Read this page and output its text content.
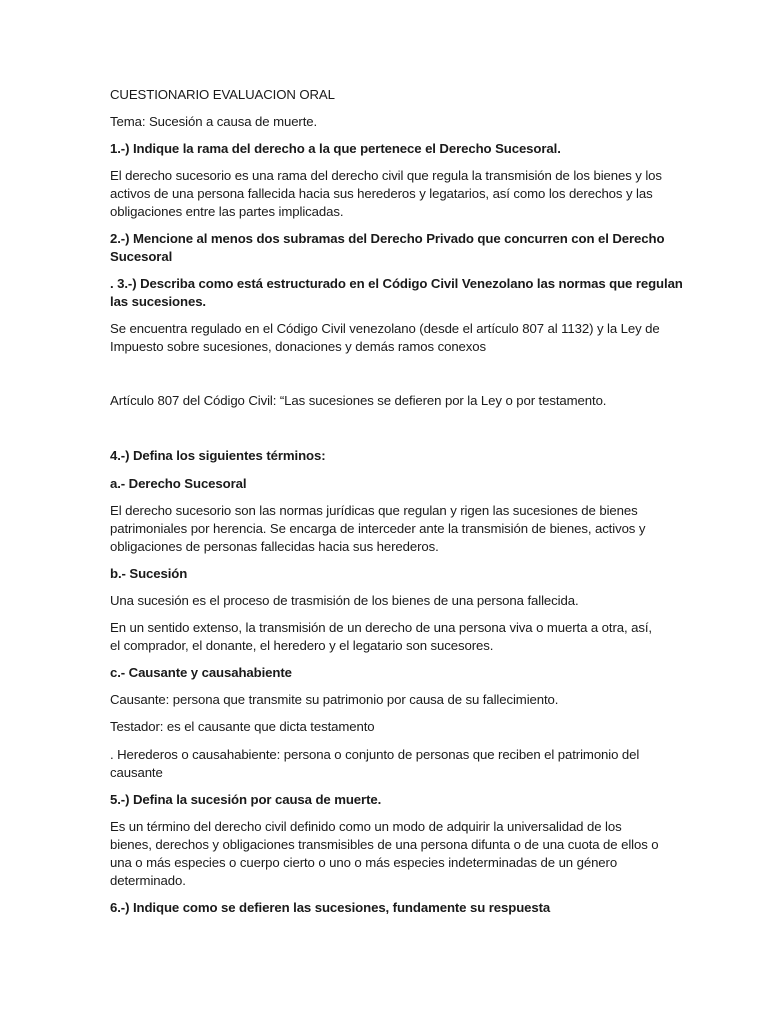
CUESTIONARIO EVALUACION ORAL
Tema: Sucesión a causa de muerte.
1.-) Indique la rama del derecho a la que pertenece el Derecho Sucesoral.
El derecho sucesorio es una rama del derecho civil que regula la transmisión de los bienes y los
activos de una persona fallecida hacia sus herederos y legatarios, así como los derechos y las
obligaciones entre las partes implicadas.
2.-) Mencione al menos dos subramas del Derecho Privado que concurren con el Derecho
Sucesoral
. 3.-) Describa como está estructurado en el Código Civil Venezolano las normas que regulan
las sucesiones.
Se encuentra regulado en el Código Civil venezolano (desde el artículo 807 al 1132) y la Ley de
Impuesto sobre sucesiones, donaciones y demás ramos conexos
Artículo 807 del Código Civil: “Las sucesiones se defieren por la Ley o por testamento.
4.-) Defina los siguientes términos:
a.- Derecho Sucesoral
El derecho sucesorio son las normas jurídicas que regulan y rigen las sucesiones de bienes
patrimoniales por herencia. Se encarga de interceder ante la transmisión de bienes, activos y
obligaciones de personas fallecidas hacia sus herederos.
b.- Sucesión
Una sucesión es el proceso de trasmisión de los bienes de una persona fallecida.
En un sentido extenso, la transmisión de un derecho de una persona viva o muerta a otra, así,
el comprador, el donante, el heredero y el legatario son sucesores.
c.- Causante y causahabiente
Causante: persona que transmite su patrimonio por causa de su fallecimiento.
Testador: es el causante que dicta testamento
. Herederos o causahabiente: persona o conjunto de personas que reciben el patrimonio del
causante
5.-) Defina la sucesión por causa de muerte.
Es un término del derecho civil definido como un modo de adquirir la universalidad de los
bienes, derechos y obligaciones transmisibles de una persona difunta o de una cuota de ellos o
una o más especies o cuerpo cierto o uno o más especies indeterminadas de un género
determinado.
6.-) Indique como se defieren las sucesiones, fundamente su respuesta
